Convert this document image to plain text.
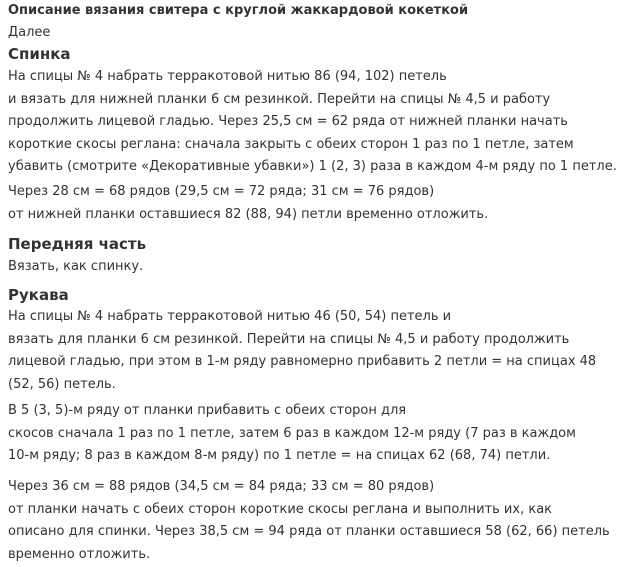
Описание вязания свитера с круглой жаккардовой кокеткой
Далее
Спинка
На спицы № 4 набрать терракотовой нитью 86 (94, 102) петель
и вязать для нижней планки 6 см резинкой. Перейти на спицы № 4,5 и работу
продолжить лицевой гладью. Через 25,5 см = 62 ряда от нижней планки начать
короткие скосы реглана: сначала закрыть с обеих сторон 1 раз по 1 петле, затем
убавить (смотрите «Декоративные убавки») 1 (2, 3) раза в каждом 4-м ряду по 1 петле.
Через 28 см = 68 рядов (29,5 см = 72 ряда; 31 см = 76 рядов)
от нижней планки оставшиеся 82 (88, 94) петли временно отложить.
Передняя часть
Вязать, как спинку.
Рукава
На спицы № 4 набрать терракотовой нитью 46 (50, 54) петель и
вязать для планки 6 см резинкой. Перейти на спицы № 4,5 и работу продолжить
лицевой гладью, при этом в 1-м ряду равномерно прибавить 2 петли = на спицах 48
(52, 56) петель.
В 5 (3, 5)-м ряду от планки прибавить с обеих сторон для
скосов сначала 1 раз по 1 петле, затем 6 раз в каждом 12-м ряду (7 раз в каждом
10-м ряду; 8 раз в каждом 8-м ряду) по 1 петле = на спицах 62 (68, 74) петли.
Через 36 см = 88 рядов (34,5 см = 84 ряда; 33 см = 80 рядов)
от планки начать с обеих сторон короткие скосы реглана и выполнить их, как
описано для спинки. Через 38,5 см = 94 ряда от планки оставшиеся 58 (62, 66) петель
временно отложить.
